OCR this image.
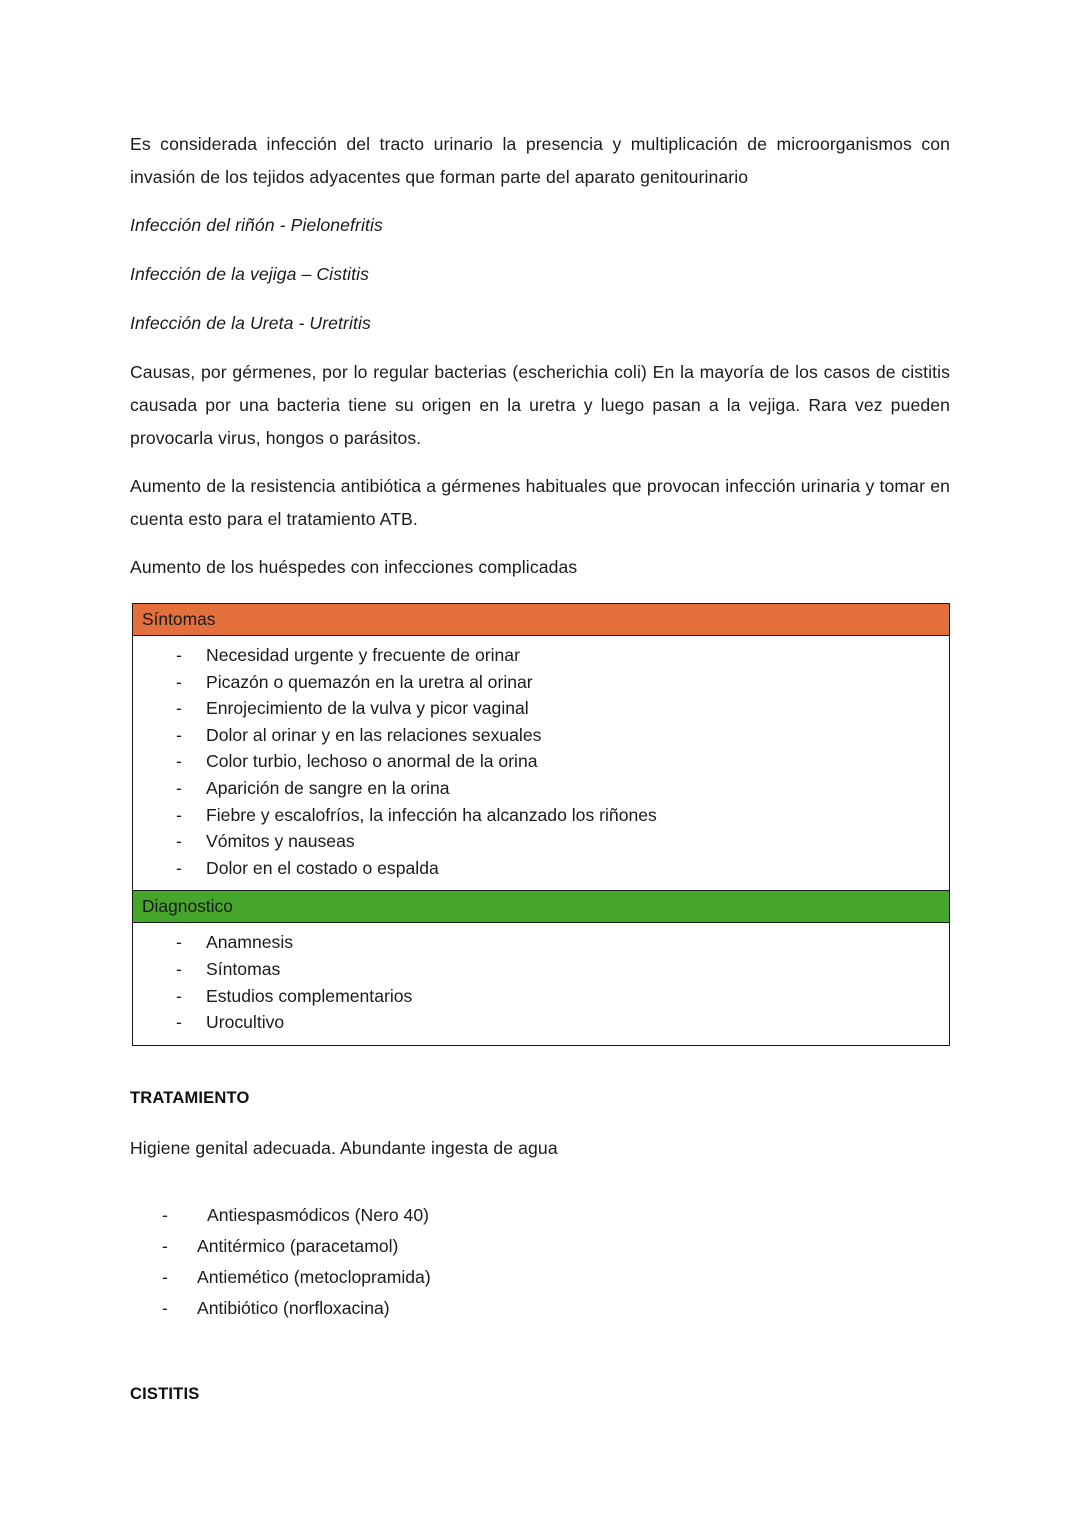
Es considerada infección del tracto urinario la presencia y multiplicación de microorganismos con invasión de los tejidos adyacentes que forman parte del aparato genitourinario

Infección del riñón - Pielonefritis

Infección de la vejiga – Cistitis

Infección de la Ureta - Uretritis

Causas, por gérmenes, por lo regular bacterias (escherichia coli) En la mayoría de los casos de cistitis causada por una bacteria tiene su origen en la uretra y luego pasan a la vejiga. Rara vez pueden provocarla virus, hongos o parásitos.

Aumento de la resistencia antibiótica a gérmenes habituales que provocan infección urinaria y tomar en cuenta esto para el tratamiento ATB.

Aumento de los huéspedes con infecciones complicadas

Síntomas

- Necesidad urgente y frecuente de orinar
- Picazón o quemazón en la uretra al orinar
- Enrojecimiento de la vulva y picor vaginal
- Dolor al orinar y en las relaciones sexuales
- Color turbio, lechoso o anormal de la orina
- Aparición de sangre en la orina
- Fiebre y escalofríos, la infección ha alcanzado los riñones
- Vómitos y nauseas
- Dolor en el costado o espalda

Diagnostico

- Anamnesis
- Síntomas
- Estudios complementarios
- Urocultivo

TRATAMIENTO

Higiene genital adecuada. Abundante ingesta de agua

- Antiespasmódicos (Nero 40)
- Antitérmico (paracetamol)
- Antiemético (metoclopramida)
- Antibiótico (norfloxacina)

CISTITIS
